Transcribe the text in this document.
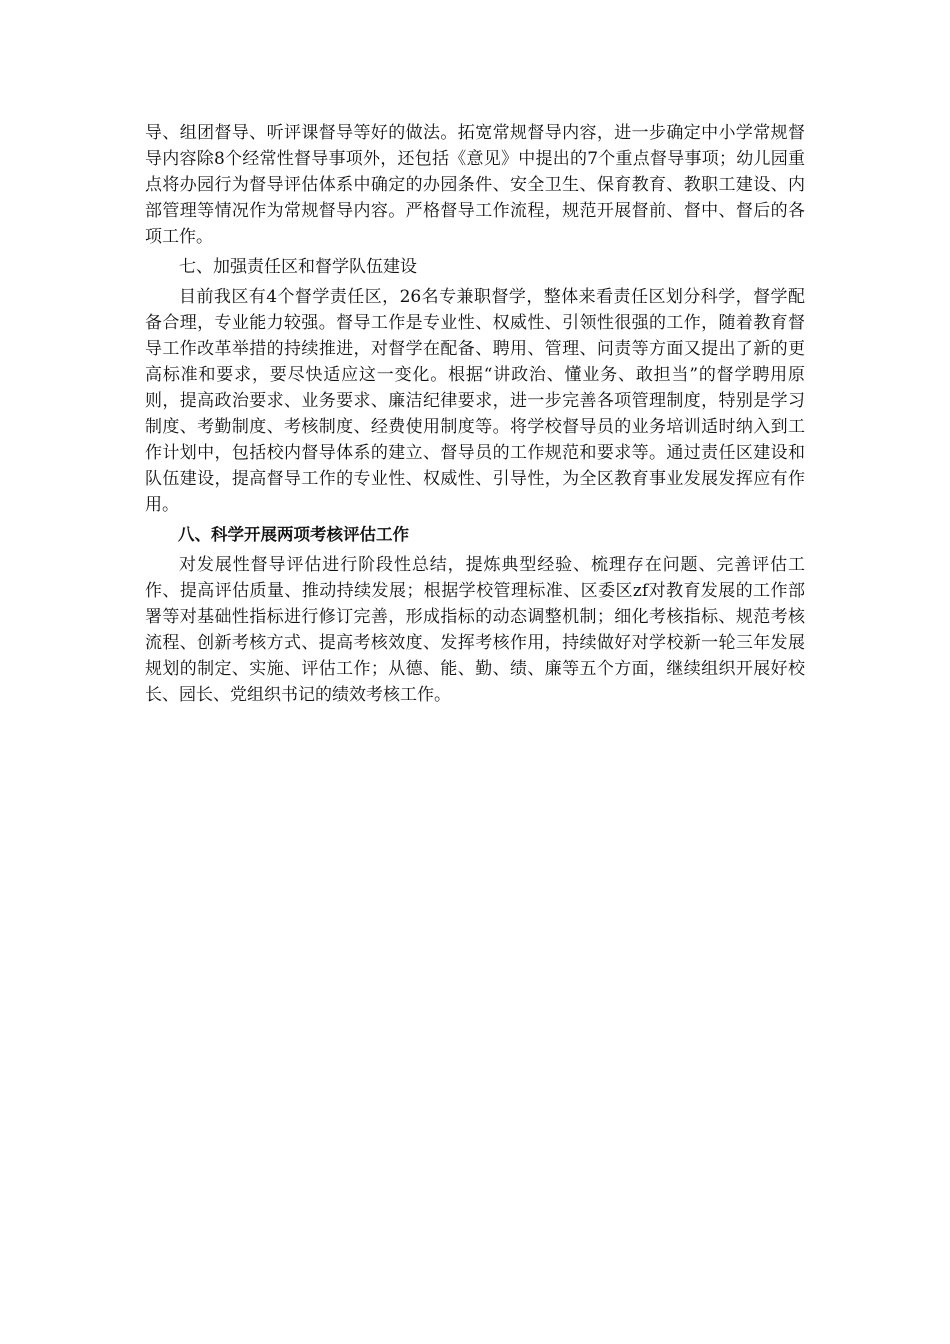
导、组团督导、听评课督导等好的做法。拓宽常规督导内容，进一步确定中小学常规督导内容除8个经常性督导事项外，还包括《意见》中提出的7个重点督导事项；幼儿园重点将办园行为督导评估体系中确定的办园条件、安全卫生、保育教育、教职工建设、内部管理等情况作为常规督导内容。严格督导工作流程，规范开展督前、督中、督后的各项工作。

七、加强责任区和督学队伍建设

目前我区有4个督学责任区，26名专兼职督学，整体来看责任区划分科学，督学配备合理，专业能力较强。督导工作是专业性、权威性、引领性很强的工作，随着教育督导工作改革举措的持续推进，对督学在配备、聘用、管理、问责等方面又提出了新的更高标准和要求，要尽快适应这一变化。根据“讲政治、懂业务、敢担当”的督学聘用原则，提高政治要求、业务要求、廉洁纪律要求，进一步完善各项管理制度，特别是学习制度、考勤制度、考核制度、经费使用制度等。将学校督导员的业务培训适时纳入到工作计划中，包括校内督导体系的建立、督导员的工作规范和要求等。通过责任区建设和队伍建设，提高督导工作的专业性、权威性、引导性，为全区教育事业发展发挥应有作用。

八、科学开展两项考核评估工作

对发展性督导评估进行阶段性总结，提炼典型经验、梳理存在问题、完善评估工作、提高评估质量、推动持续发展；根据学校管理标准、区委区zf对教育发展的工作部署等对基础性指标进行修订完善，形成指标的动态调整机制；细化考核指标、规范考核流程、创新考核方式、提高考核效度、发挥考核作用，持续做好对学校新一轮三年发展规划的制定、实施、评估工作；从德、能、勤、绩、廉等五个方面，继续组织开展好校长、园长、党组织书记的绩效考核工作。
